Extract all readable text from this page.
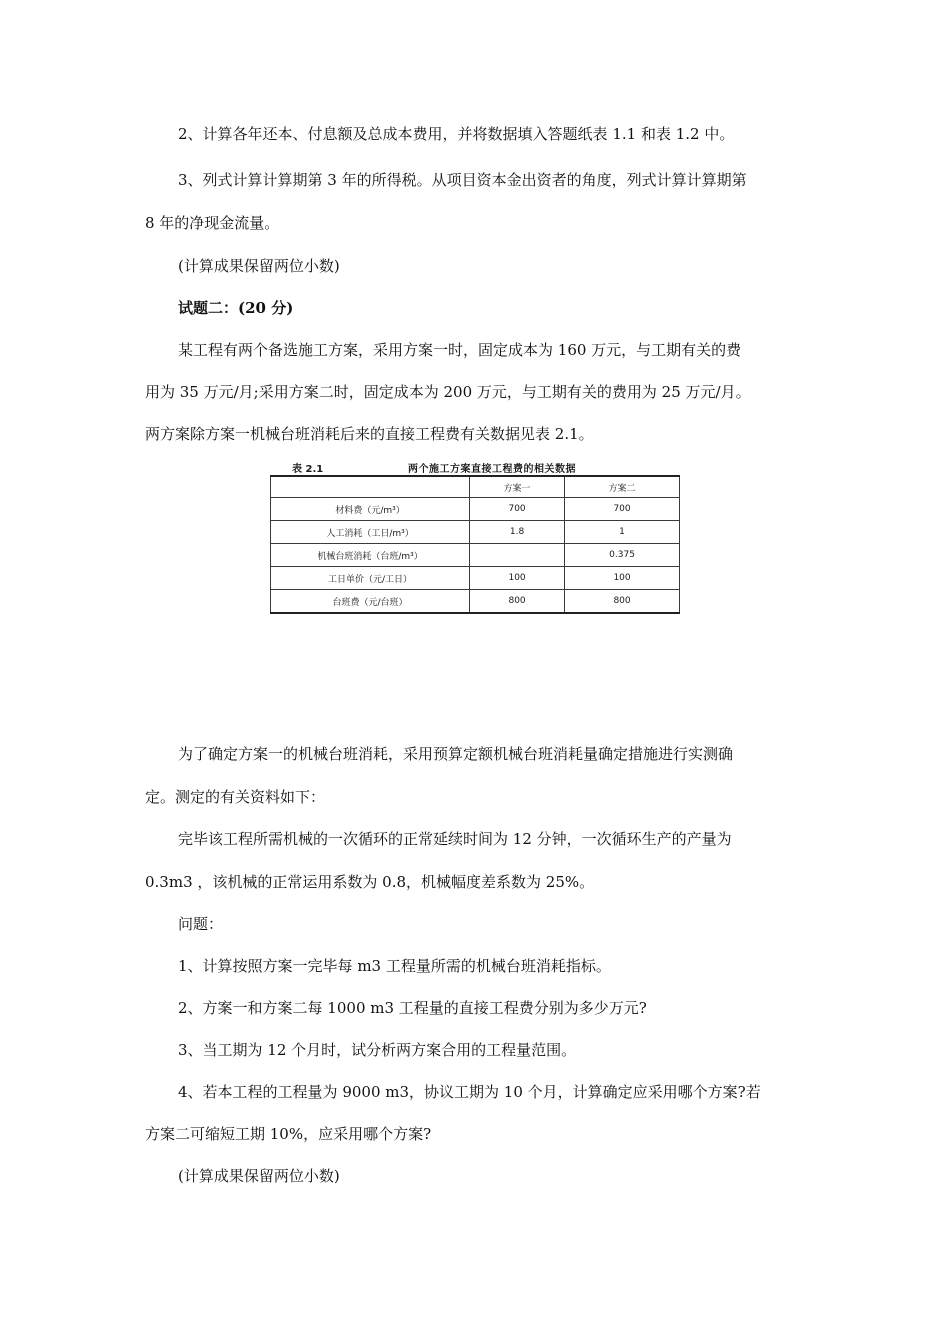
2、计算各年还本、付息额及总成本费用，并将数据填入答题纸表 1.1 和表 1.2 中。
3、列式计算计算期第 3 年的所得税。从项目资本金出资者的角度，列式计算计算期第
8 年的净现金流量。
(计算成果保留两位小数)
试题二：(20 分)
某工程有两个备选施工方案，采用方案一时，固定成本为 160 万元，与工期有关的费
用为 35 万元/月;采用方案二时，固定成本为 200 万元，与工期有关的费用为 25 万元/月。
两方案除方案一机械台班消耗后来的直接工程费有关数据见表 2.1。
表 2.1	两个施工方案直接工程费的相关数据
	方案一	方案二
材料费（元/m³）	700	700
人工消耗（工日/m³）	1.8	1
机械台班消耗（台班/m³）		0.375
工日单价（元/工日）	100	100
台班费（元/台班）	800	800
为了确定方案一的机械台班消耗，采用预算定额机械台班消耗量确定措施进行实测确
定。测定的有关资料如下：
完毕该工程所需机械的一次循环的正常延续时间为 12 分钟，一次循环生产的产量为
0.3m3 ，该机械的正常运用系数为 0.8，机械幅度差系数为 25%。
问题：
1、计算按照方案一完毕每 m3 工程量所需的机械台班消耗指标。
2、方案一和方案二每 1000 m3 工程量的直接工程费分别为多少万元?
3、当工期为 12 个月时，试分析两方案合用的工程量范围。
4、若本工程的工程量为 9000 m3，协议工期为 10 个月，计算确定应采用哪个方案?若
方案二可缩短工期 10%，应采用哪个方案?
(计算成果保留两位小数)
